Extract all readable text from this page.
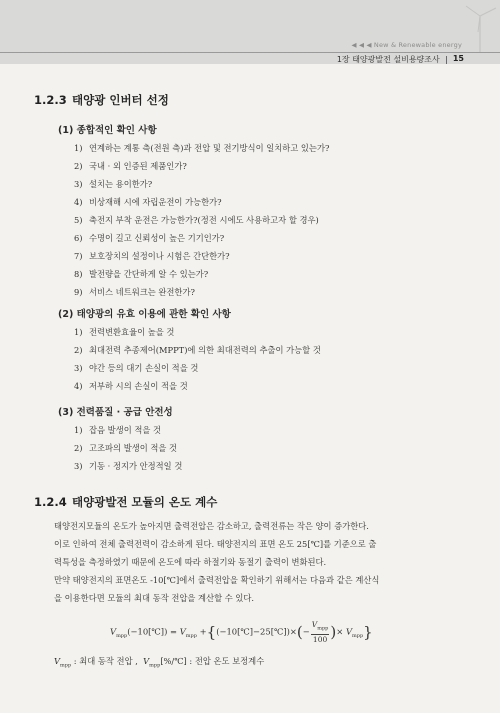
◀ ◀ ◀ New & Renewable energy
1장 태양광발전 설비용량조사 | 15
1.2.3 태양광 인버터 선정
(1) 종합적인 확인 사항
1) 연계하는 계통 측(전원 측)과 전압 및 전기방식이 일치하고 있는가?
2) 국내 · 외 인증된 제품인가?
3) 설치는 용이한가?
4) 비상재해 시에 자립운전이 가능한가?
5) 축전지 부착 운전은 가능한가?(정전 시에도 사용하고자 할 경우)
6) 수명이 길고 신뢰성이 높은 기기인가?
7) 보호장치의 설정이나 시험은 간단한가?
8) 발전량을 간단하게 알 수 있는가?
9) 서비스 네트워크는 완전한가?
(2) 태양광의 유효 이용에 관한 확인 사항
1) 전력변환효율이 높을 것
2) 최대전력 추종제어(MPPT)에 의한 최대전력의 추출이 가능할 것
3) 야간 등의 대기 손실이 적을 것
4) 저부하 시의 손실이 적을 것
(3) 전력품질 · 공급 안전성
1) 잡음 발생이 적을 것
2) 고조파의 발생이 적을 것
3) 기동 · 정지가 안정적일 것
1.2.4 태양광발전 모듈의 온도 계수
태양전지모듈의 온도가 높아지면 출력전압은 감소하고, 출력전류는 작은 양이 증가한다.
이로 인하여 전체 출력전력이 감소하게 된다. 태양전지의 표면 온도 25[℃]를 기준으로 출
력특성을 측정하였기 때문에 온도에 따라 하절기와 동절기 출력이 변화된다.
만약 태양전지의 표면온도 -10[℃]에서 출력전압을 확인하기 위해서는 다음과 같은 계산식
을 이용한다면 모듈의 최대 동작 전압을 계산할 수 있다.
$V_{mpp}(-10[℃]) = V_{mpp}$ +{(−10[℃]−25[℃])×(− $\frac{V_{mpp}}{100}$ )× $V_{mpp}$}
$V_{mpp}$ : 최대 동작 전압 , $V_{mpp}[\%/℃]$ : 전압 온도 보정계수
